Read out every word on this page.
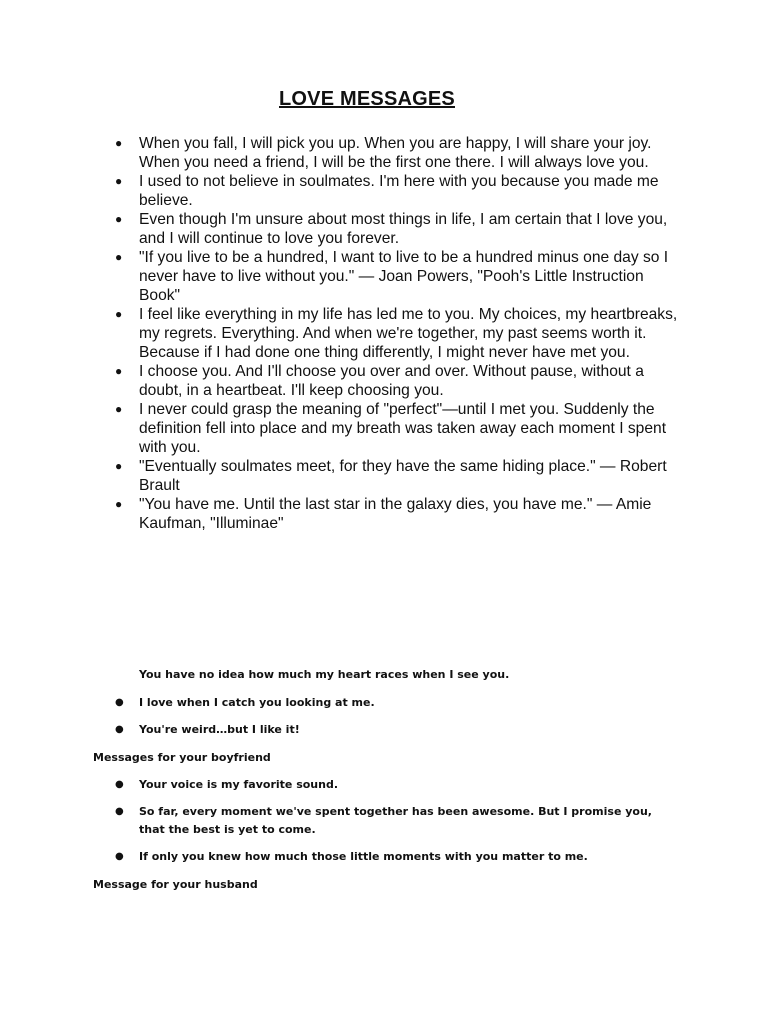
LOVE MESSAGES
● When you fall, I will pick you up. When you are happy, I will share your joy. When you need a friend, I will be the first one there. I will always love you.
● I used to not believe in soulmates. I'm here with you because you made me believe.
● Even though I'm unsure about most things in life, I am certain that I love you, and I will continue to love you forever.
● "If you live to be a hundred, I want to live to be a hundred minus one day so I never have to live without you." — Joan Powers, "Pooh's Little Instruction Book"
● I feel like everything in my life has led me to you. My choices, my heartbreaks, my regrets. Everything. And when we're together, my past seems worth it. Because if I had done one thing differently, I might never have met you.
● I choose you. And I'll choose you over and over. Without pause, without a doubt, in a heartbeat. I'll keep choosing you.
● I never could grasp the meaning of "perfect"—until I met you. Suddenly the definition fell into place and my breath was taken away each moment I spent with you.
● "Eventually soulmates meet, for they have the same hiding place." — Robert Brault
● "You have me. Until the last star in the galaxy dies, you have me." — Amie Kaufman, "Illuminae"
You have no idea how much my heart races when I see you.
● I love when I catch you looking at me.
● You're weird…but I like it!
Messages for your boyfriend
● Your voice is my favorite sound.
● So far, every moment we've spent together has been awesome. But I promise you, that the best is yet to come.
● If only you knew how much those little moments with you matter to me.
Message for your husband
